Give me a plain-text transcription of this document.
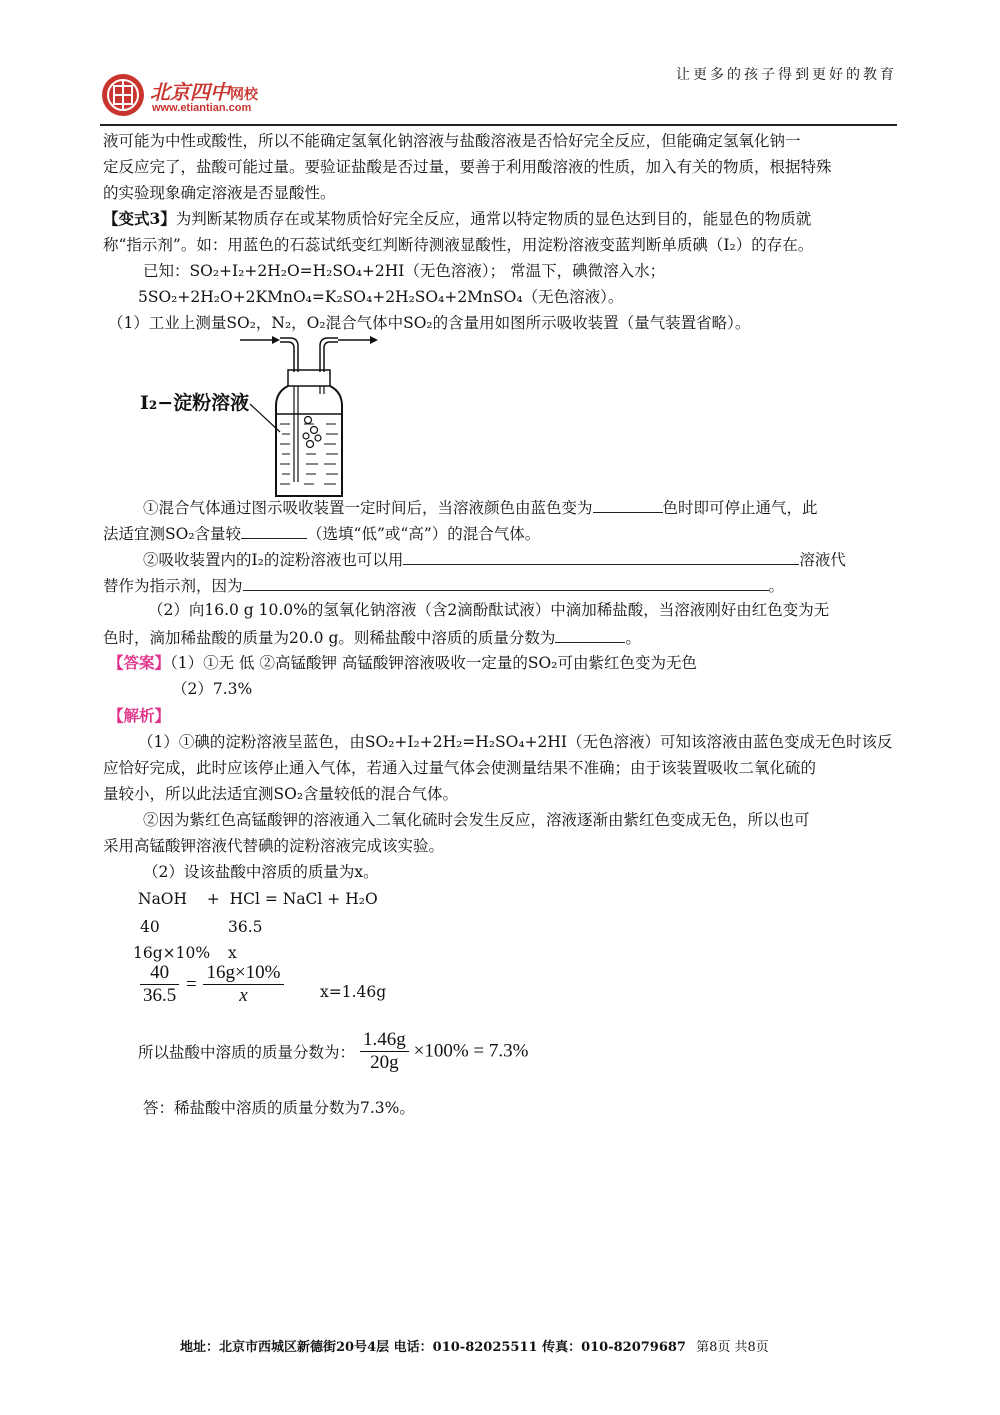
北京四中网校
www.etiantian.com
让更多的孩子得到更好的教育
液可能为中性或酸性，所以不能确定氢氧化钠溶液与盐酸溶液是否恰好完全反应，但能确定氢氧化钠一
定反应完了，盐酸可能过量。要验证盐酸是否过量，要善于利用酸溶液的性质，加入有关的物质，根据特殊
的实验现象确定溶液是否显酸性。
【变式3】为判断某物质存在或某物质恰好完全反应，通常以特定物质的显色达到目的，能显色的物质就
称“指示剂”。如：用蓝色的石蕊试纸变红判断待测液显酸性，用淀粉溶液变蓝判断单质碘（I₂）的存在。
已知：SO₂+I₂+2H₂O=H₂SO₄+2HI（无色溶液）； 常温下，碘微溶入水；
5SO₂+2H₂O+2KMnO₄=K₂SO₄+2H₂SO₄+2MnSO₄（无色溶液）。
（1）工业上测量SO₂，N₂，O₂混合气体中SO₂的含量用如图所示吸收装置（量气装置省略）。
I₂−淀粉溶液
①混合气体通过图示吸收装置一定时间后，当溶液颜色由蓝色变为	色时即可停止通气，此
法适宜测SO₂含量较	（选填“低”或“高”）的混合气体。
②吸收装置内的I₂的淀粉溶液也可以用	溶液代
替作为指示剂，因为	。
（2）向16.0 g 10.0%的氢氧化钠溶液（含2滴酚酞试液）中滴加稀盐酸，当溶液刚好由红色变为无
色时，滴加稀盐酸的质量为20.0 g。则稀盐酸中溶质的质量分数为	。
【答案】（1）①无 低 ②高锰酸钾 高锰酸钾溶液吸收一定量的SO₂可由紫红色变为无色
（2）7.3%
【解析】
（1）①碘的淀粉溶液呈蓝色，由SO₂+I₂+2H₂=H₂SO₄+2HI（无色溶液）可知该溶液由蓝色变成无色时该反
应恰好完成，此时应该停止通入气体，若通入过量气体会使测量结果不准确；由于该装置吸收二氧化硫的
量较小，所以此法适宜测SO₂含量较低的混合气体。
②因为紫红色高锰酸钾的溶液通入二氧化硫时会发生反应，溶液逐渐由紫红色变成无色，所以也可
采用高锰酸钾溶液代替碘的淀粉溶液完成该实验。
（2）设该盐酸中溶质的质量为x。
NaOH    +  HCl = NaCl + H₂O
40	36.5
16g×10% x
$\frac{40}{36.5} = \frac{16g\times 10\%}{x} x=1.46g$
所以盐酸中溶质的质量分数为： $\frac{1.46g}{20g} \times 100\% = 7.3\%$
答：稀盐酸中溶质的质量分数为7.3%。
地址：北京市西城区新德街20号4层 电话：010-82025511 传真：010-82079687 第8页 共8页
